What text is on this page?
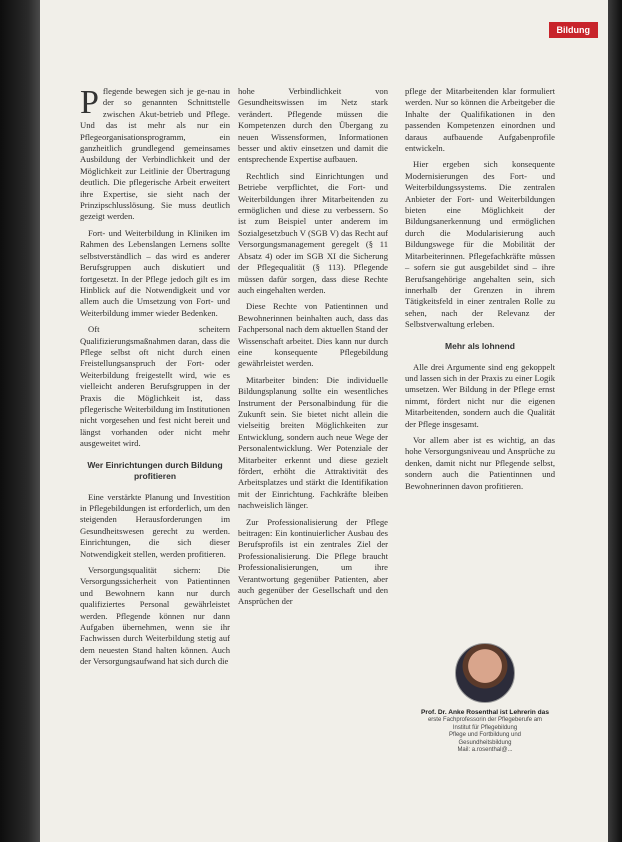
Bildung

Pflegende bewegen sich je ge-nau in der so genannten Schnittstelle zwischen Akut-betrieb und Pflege. Und das ist mehr als nur ein Pflegeorganisationsprogramm, ein ganzheitlich grundlegend gemeinsames Ausbildung der Verbindlichkeit und der Möglichkeit zur Leitlinie der Übertragung deutlich. Die pflegerische Arbeit erweitert ihre Expertise, sie sieht nach der Prinzipschlusslösung. Sie muss deutlich gezeigt werden.

Fort- und Weiterbildung in Kliniken im Rahmen des Lebenslangen Lernens sollte selbstverständlich – das wird es anderer Berufsgruppen auch diskutiert und fortgesetzt. In der Pflege jedoch gilt es im Hinblick auf die Notwendigkeit und vor allem auch die Umsetzung von Fort- und Weiterbildung immer wieder Bedenken.

Oft scheitern Qualifizierungsmaßnahmen daran, dass die Pflege selbst oft nicht durch einen Freistellungsanspruch der Fort- oder Weiterbildung freigestellt wird, wie es vielleicht anderen Berufsgruppen in der Praxis die Möglichkeit ist, dass pflegerische Weiterbildung im Institutionen nicht vorgesehen und fest nicht bereit und längst vorhanden oder nicht mehr ausgeweitet wird.

Wer Einrichtungen durch Bildung profitieren

Eine verstärkte Planung und Investition in Pflegebildungen ist erforderlich, um den steigenden Herausforderungen im Gesundheitswesen gerecht zu werden. Einrichtungen, die sich dieser Notwendigkeit stellen, werden profitieren.

Versorgungsqualität sichern: Die Versorgungssicherheit von Patientinnen und Bewohnern kann nur durch qualifiziertes Personal gewährleistet werden. Pflegende können nur dann Aufgaben übernehmen, wenn sie ihr Fachwissen durch Weiterbildung stetig auf dem neuesten Stand halten können. Auch der Versorgungsaufwand hat sich durch die

hohe Verbindlichkeit von Gesundheitswissen im Netz stark verändert. Pflegende müssen die Kompetenzen durch den Übergang zu neuen Wissensformen, Informationen besser und aktiv einsetzen und damit die entsprechende Expertise aufbauen.

Rechtlich sind Einrichtungen und Betriebe verpflichtet, die Fort- und Weiterbildungen ihrer Mitarbeitenden zu ermöglichen und diese zu verbessern. So ist zum Beispiel unter anderem im Sozialgesetzbuch V (SGB V) das Recht auf Versorgungsmanagement geregelt (§ 11 Absatz 4) oder im SGB XI die Sicherung der Pflegequalität (§ 113). Pflegende müssen dafür sorgen, dass diese Rechte auch eingehalten werden.

Diese Rechte von Patientinnen und Bewohnerinnen beinhalten auch, dass das Fachpersonal nach dem aktuellen Stand der Wissenschaft arbeitet. Dies kann nur durch eine konsequente Pflegebildung gewährleistet werden.

Mitarbeiter binden: Die individuelle Bildungsplanung sollte ein wesentliches Instrument der Personalbindung für die Zukunft sein. Sie bietet nicht allein die vielseitig breiten Möglichkeiten zur Entwicklung, sondern auch neue Wege der Personalentwicklung. Wer Potenziale der Mitarbeiter erkennt und diese gezielt fördert, erhöht die Attraktivität des Arbeitsplatzes und stärkt die Identifikation mit der Einrichtung. Fachkräfte bleiben nachweislich länger.

Zur Professionalisierung der Pflege beitragen: Ein kontinuierlicher Ausbau des Berufsprofils ist ein zentrales Ziel der Professionalisierung. Die Pflege braucht Professionalisierungen, um ihre Verantwortung gegenüber Patienten, aber auch gegenüber der Gesellschaft und den Ansprüchen der

pflege der Mitarbeitenden klar formuliert werden. Nur so können die Arbeitgeber die Inhalte der Qualifikationen in den passenden Kompetenzen einordnen und daraus aufbauende Aufgabenprofile entwickeln.

Hier ergeben sich konsequente Modernisierungen des Fort- und Weiterbildungssystems. Die zentralen Anbieter der Fort- und Weiterbildungen bieten eine Möglichkeit der Bildungsanerkennung und ermöglichen durch die Modularisierung auch Bildungswege für die Mobilität der Mitarbeiterinnen. Pflegefachkräfte müssen – sofern sie gut ausgebildet sind – ihre Berufsangehörige angehalten sein, sich innerhalb der Grenzen in ihrem Tätigkeitsfeld in einer zentralen Rolle zu sehen, nach der Relevanz der Selbstverwaltung erleben.

Mehr als lohnend

Alle drei Argumente sind eng gekoppelt und lassen sich in der Praxis zu einer Logik umsetzen. Wer Bildung in der Pflege ernst nimmt, fördert nicht nur die eigenen Mitarbeitenden, sondern auch die Qualität der Pflege insgesamt.

Vor allem aber ist es wichtig, an das hohe Versorgungsniveau und Ansprüche zu denken, damit nicht nur Pflegende selbst, sondern auch die Patientinnen und Bewohnerinnen davon profitieren.

Prof. Dr. Anke Rosenthal ist Lehrerin das
erste Fachprofessorin der Pflegeberufe am
Institut für Pflegebildung
Pflege und Fortbildung und
Gesundheitsbildung
Mail: a.rosenthal@...
